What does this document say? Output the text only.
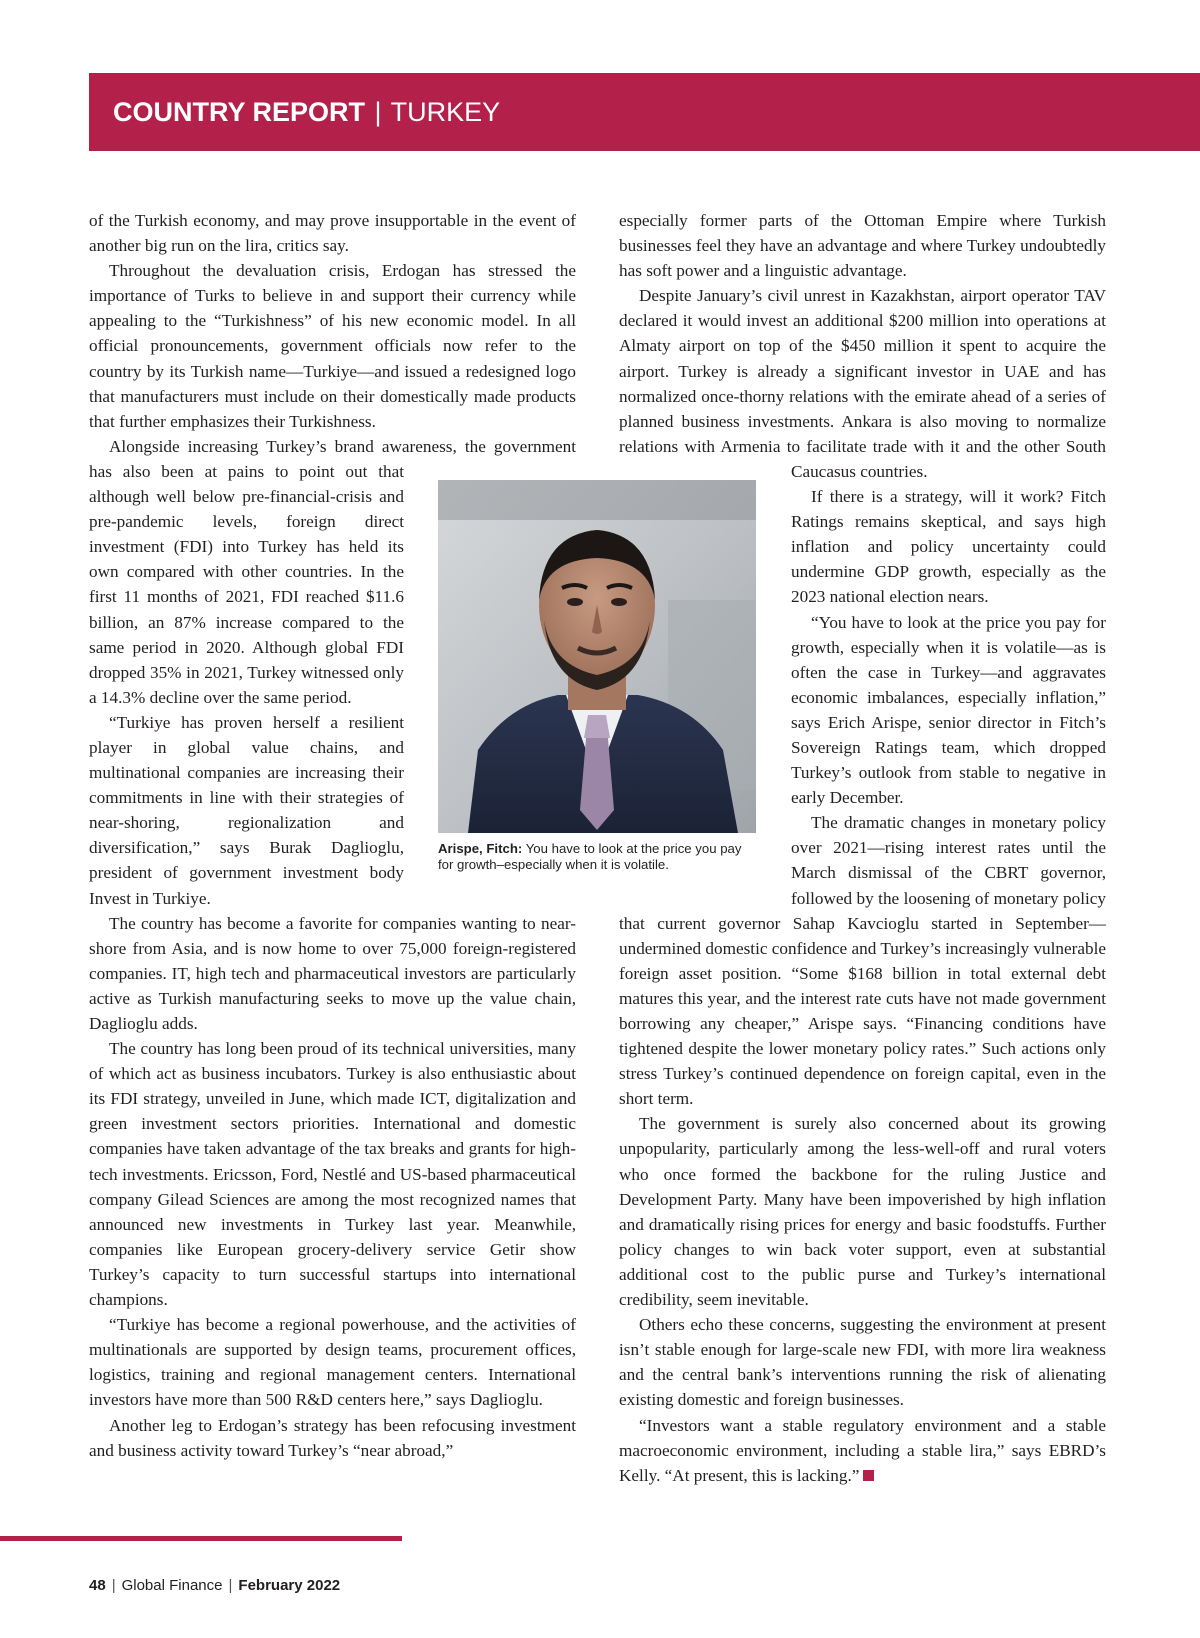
COUNTRY REPORT | TURKEY

of the Turkish economy, and may prove insupportable in the event of another big run on the lira, critics say.

Throughout the devaluation crisis, Erdogan has stressed the importance of Turks to believe in and support their currency while appealing to the “Turkishness” of his new economic model. In all official pronouncements, government officials now refer to the country by its Turkish name—Turkiye—and issued a redesigned logo that manufacturers must include on their domestically made products that further emphasizes their Turkishness.

Alongside increasing Turkey’s brand awareness, the government has also been at pains to point out that although well below pre-financial-crisis and pre-pandemic levels, foreign direct investment (FDI) into Turkey has held its own compared with other countries. In the first 11 months of 2021, FDI reached $11.6 billion, an 87% increase compared to the same period in 2020. Although global FDI dropped 35% in 2021, Turkey witnessed only a 14.3% decline over the same period.

“Turkiye has proven herself a resilient player in global value chains, and multinational companies are increasing their commitments in line with their strategies of near-shoring, regionalization and diversification,” says Burak Daglioglu, president of government investment body Invest in Turkiye.

The country has become a favorite for companies wanting to near-shore from Asia, and is now home to over 75,000 foreign-registered companies. IT, high tech and pharmaceutical investors are particularly active as Turkish manufacturing seeks to move up the value chain, Daglioglu adds.

The country has long been proud of its technical universities, many of which act as business incubators. Turkey is also enthusiastic about its FDI strategy, unveiled in June, which made ICT, digitalization and green investment sectors priorities. International and domestic companies have taken advantage of the tax breaks and grants for high-tech investments. Ericsson, Ford, Nestlé and US-based pharmaceutical company Gilead Sciences are among the most recognized names that announced new investments in Turkey last year. Meanwhile, companies like European grocery-delivery service Getir show Turkey’s capacity to turn successful startups into international champions.

“Turkiye has become a regional powerhouse, and the activities of multinationals are supported by design teams, procurement offices, logistics, training and regional management centers. International investors have more than 500 R&D centers here,” says Daglioglu.

Another leg to Erdogan’s strategy has been refocusing investment and business activity toward Turkey’s “near abroad,”

especially former parts of the Ottoman Empire where Turkish businesses feel they have an advantage and where Turkey undoubtedly has soft power and a linguistic advantage.

Despite January’s civil unrest in Kazakhstan, airport operator TAV declared it would invest an additional $200 million into operations at Almaty airport on top of the $450 million it spent to acquire the airport. Turkey is already a significant investor in UAE and has normalized once-thorny relations with the emirate ahead of a series of planned business investments. Ankara is also moving to normalize relations with Armenia to facilitate trade with it and the other South Caucasus countries.

If there is a strategy, will it work? Fitch Ratings remains skeptical, and says high inflation and policy uncertainty could undermine GDP growth, especially as the 2023 national election nears.

“You have to look at the price you pay for growth, especially when it is volatile—as is often the case in Turkey—and aggravates economic imbalances, especially inflation,” says Erich Arispe, senior director in Fitch’s Sovereign Ratings team, which dropped Turkey’s outlook from stable to negative in early December.

The dramatic changes in monetary policy over 2021—rising interest rates until the March dismissal of the CBRT governor, followed by the loosening of monetary policy that current governor Sahap Kavcioglu started in September—undermined domestic confidence and Turkey’s increasingly vulnerable foreign asset position. “Some $168 billion in total external debt matures this year, and the interest rate cuts have not made government borrowing any cheaper,” Arispe says. “Financing conditions have tightened despite the lower monetary policy rates.” Such actions only stress Turkey’s continued dependence on foreign capital, even in the short term.

The government is surely also concerned about its growing unpopularity, particularly among the less-well-off and rural voters who once formed the backbone for the ruling Justice and Development Party. Many have been impoverished by high inflation and dramatically rising prices for energy and basic foodstuffs. Further policy changes to win back voter support, even at substantial additional cost to the public purse and Turkey’s international credibility, seem inevitable.

Others echo these concerns, suggesting the environment at present isn’t stable enough for large-scale new FDI, with more lira weakness and the central bank’s interventions running the risk of alienating existing domestic and foreign businesses.

“Investors want a stable regulatory environment and a stable macroeconomic environment, including a stable lira,” says EBRD’s Kelly. “At present, this is lacking.”

Arispe, Fitch: You have to look at the price you pay for growth–especially when it is volatile.
48 | Global Finance | February 2022
